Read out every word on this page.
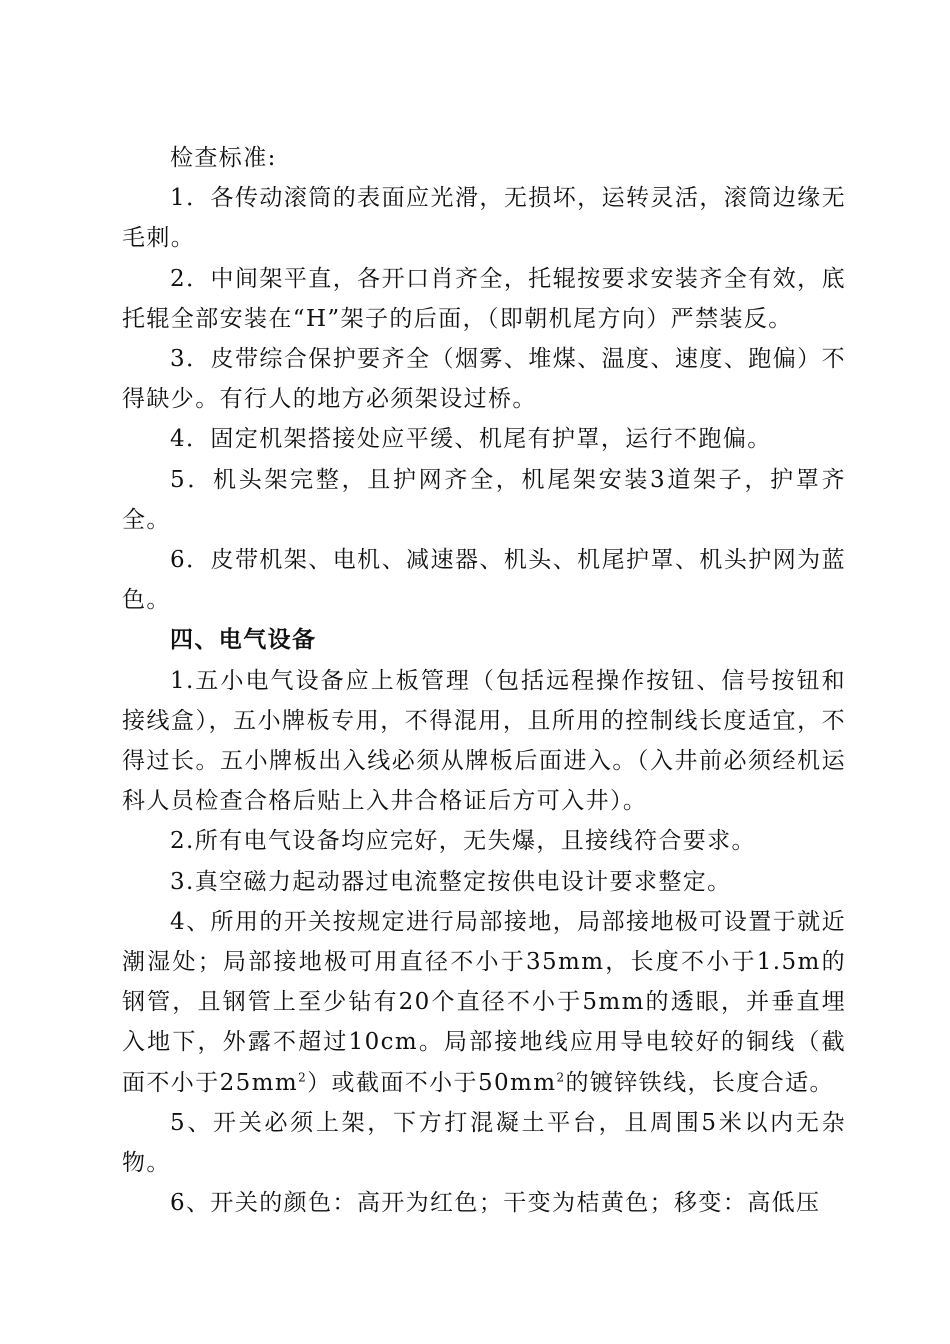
检查标准:

1．各传动滚筒的表面应光滑，无损坏，运转灵活，滚筒边缘无毛刺。

2．中间架平直，各开口肖齐全，托辊按要求安装齐全有效，底托辊全部安装在“H”架子的后面，（即朝机尾方向）严禁装反。

3．皮带综合保护要齐全（烟雾、堆煤、温度、速度、跑偏）不得缺少。有行人的地方必须架设过桥。

4．固定机架搭接处应平缓、机尾有护罩，运行不跑偏。

5．机头架完整，且护网齐全，机尾架安装3道架子，护罩齐全。

6．皮带机架、电机、减速器、机头、机尾护罩、机头护网为蓝色。

四、电气设备

1.五小电气设备应上板管理（包括远程操作按钮、信号按钮和接线盒），五小牌板专用，不得混用，且所用的控制线长度适宜，不得过长。五小牌板出入线必须从牌板后面进入。（入井前必须经机运科人员检查合格后贴上入井合格证后方可入井）。

2.所有电气设备均应完好，无失爆，且接线符合要求。

3.真空磁力起动器过电流整定按供电设计要求整定。

4、所用的开关按规定进行局部接地，局部接地极可设置于就近潮湿处；局部接地极可用直径不小于35mm，长度不小于1.5m的钢管，且钢管上至少钻有20个直径不小于5mm的透眼，并垂直埋入地下，外露不超过10cm。局部接地线应用导电较好的铜线（截面不小于$25mm^2$）或截面不小于$50mm^2$的镀锌铁线，长度合适。

5、开关必须上架，下方打混凝土平台，且周围5米以内无杂物。

6、开关的颜色：高开为红色；干变为桔黄色；移变：高低压
